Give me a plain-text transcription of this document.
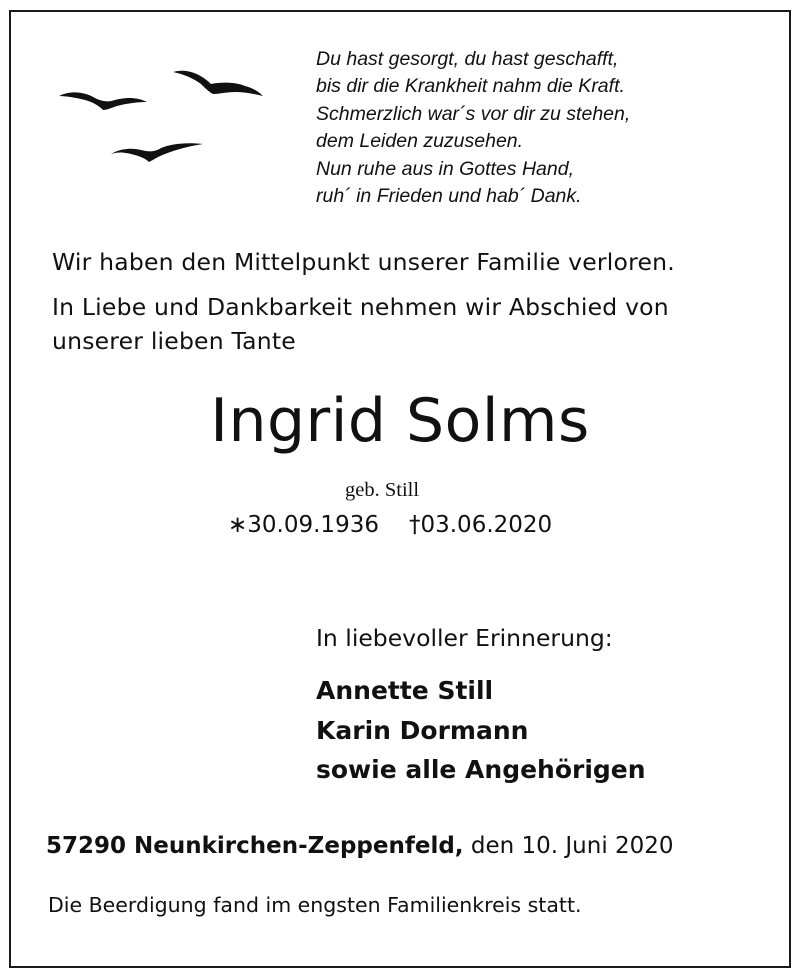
Du hast gesorgt, du hast geschafft,
bis dir die Krankheit nahm die Kraft.
Schmerzlich war´s vor dir zu stehen,
dem Leiden zuzusehen.
Nun ruhe aus in Gottes Hand,
ruh´ in Frieden und hab´ Dank.
Wir haben den Mittelpunkt unserer Familie verloren.
In Liebe und Dankbarkeit nehmen wir Abschied von
unserer lieben Tante
Ingrid Solms
geb. Still
∗30.09.1936 †03.06.2020
In liebevoller Erinnerung:
Annette Still
Karin Dormann
sowie alle Angehörigen
57290 Neunkirchen-Zeppenfeld, den 10. Juni 2020
Die Beerdigung fand im engsten Familienkreis statt.
